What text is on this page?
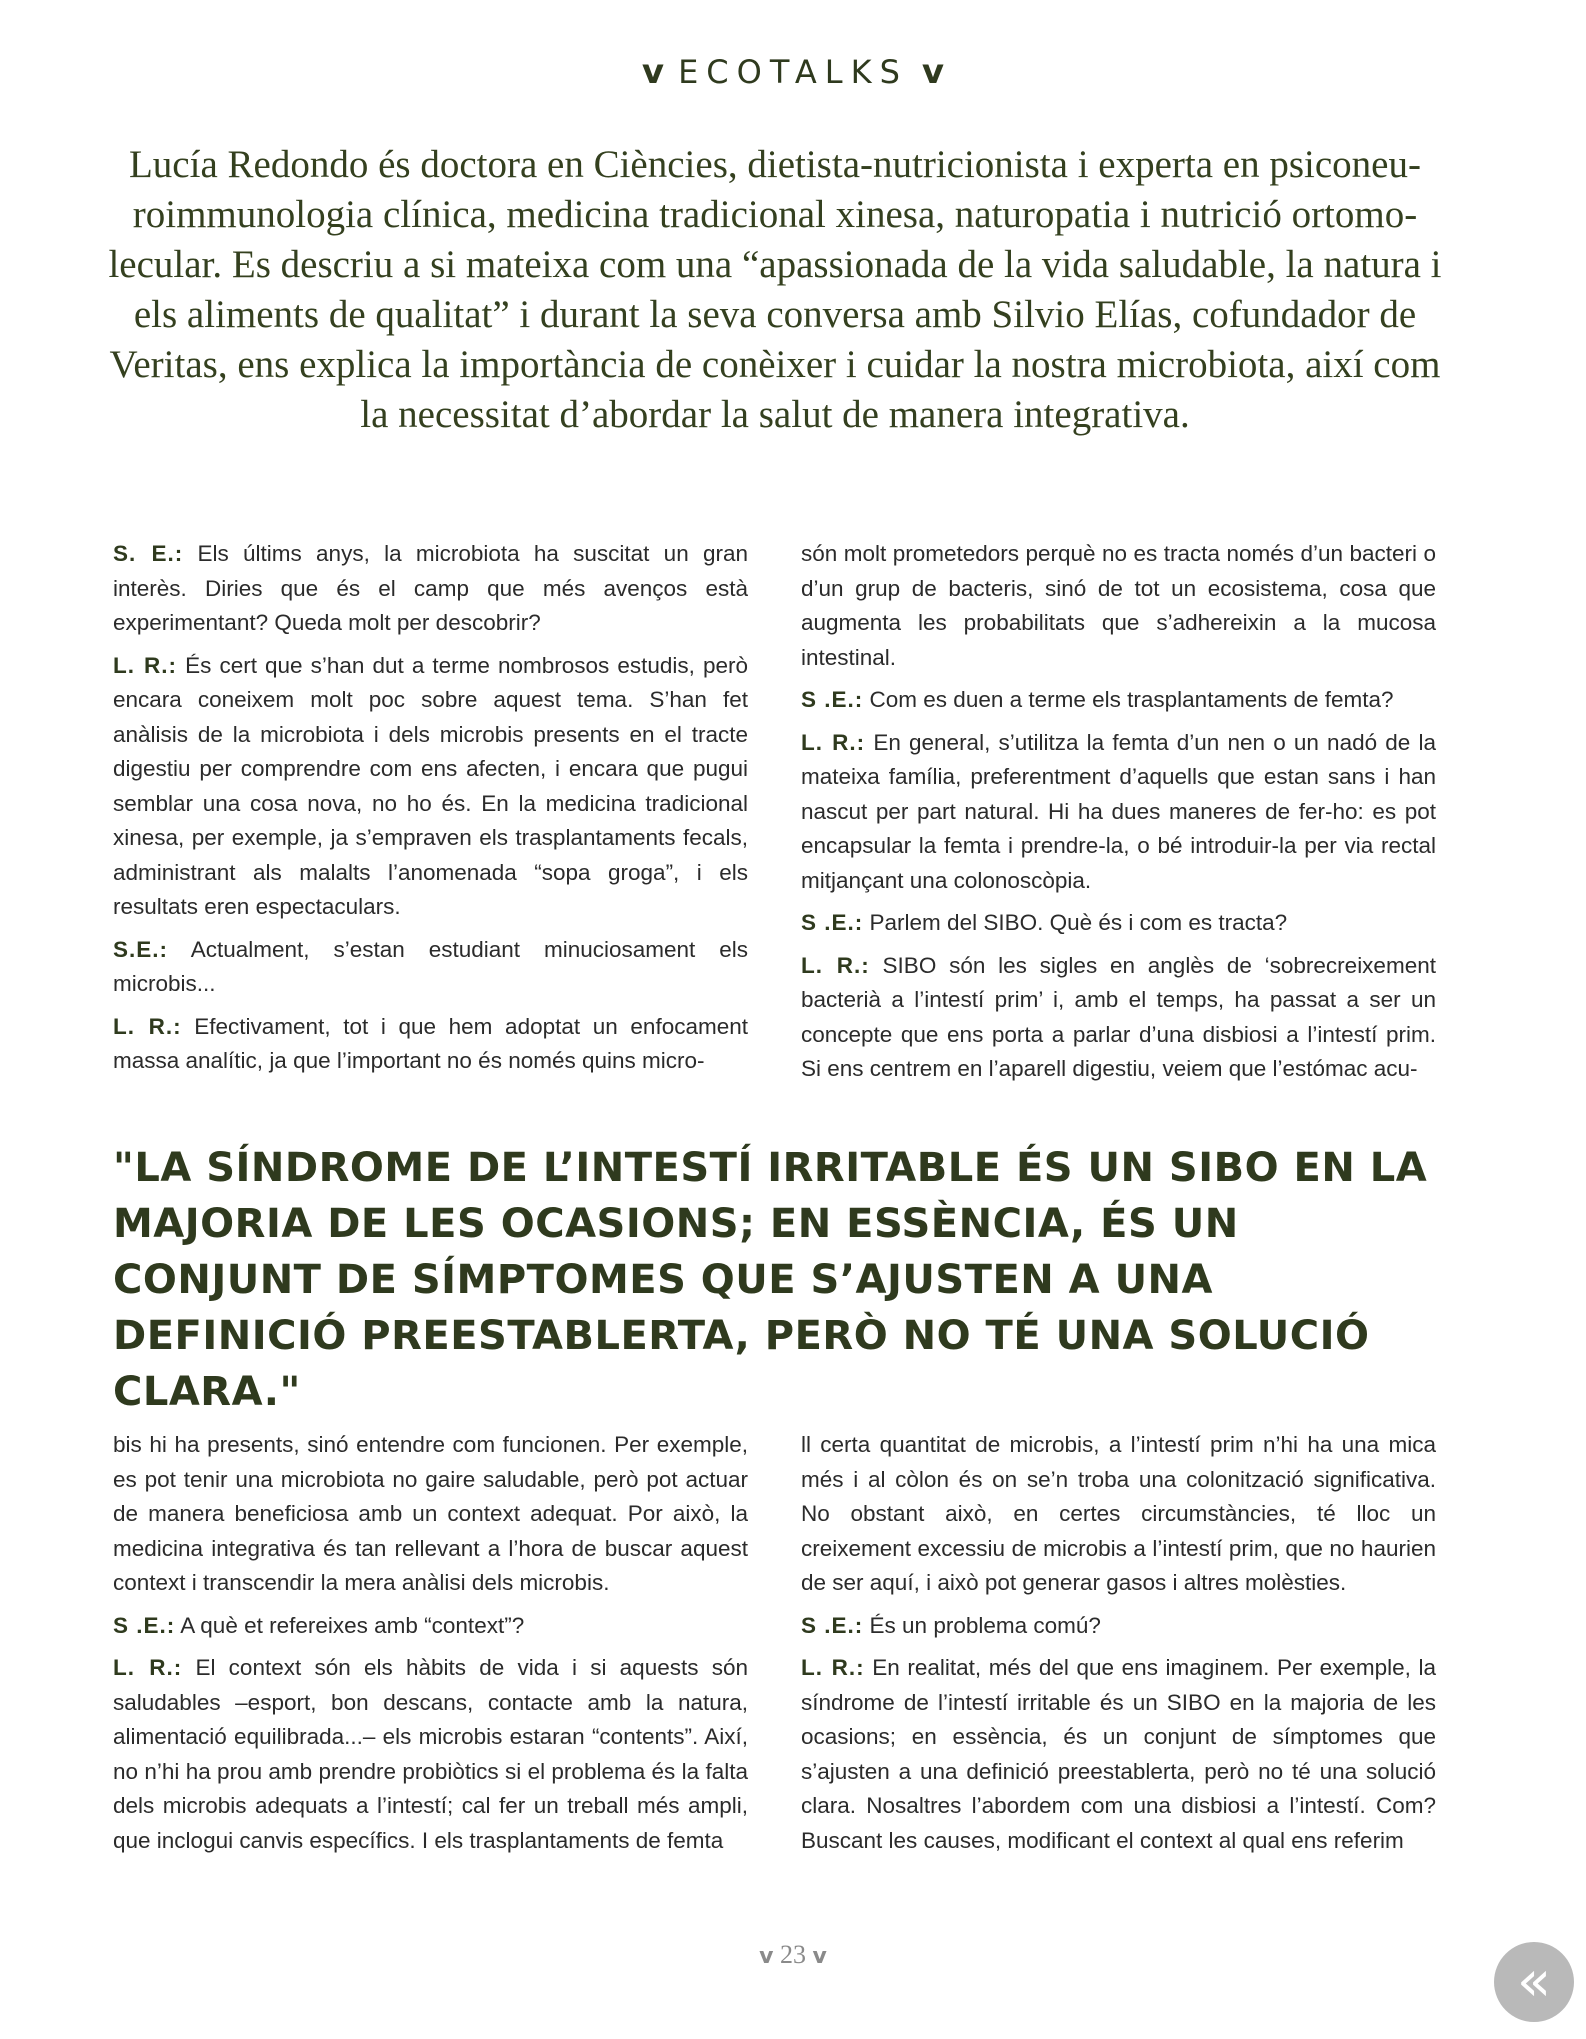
v ECOTALKS v
Lucía Redondo és doctora en Ciències, dietista-nutricionista i experta en psiconeuroimmunologia clínica, medicina tradicional xinesa, naturopatia i nutrició ortomolecular. Es descriu a si mateixa com una “apassionada de la vida saludable, la natura i els aliments de qualitat” i durant la seva conversa amb Silvio Elías, cofundador de Veritas, ens explica la importància de conèixer i cuidar la nostra microbiota, així com la necessitat d’abordar la salut de manera integrativa.

S. E.: Els últims anys, la microbiota ha suscitat un gran interès. Diries que és el camp que més avenços està experimentant? Queda molt per descobrir?

L. R.: És cert que s’han dut a terme nombrosos estudis, però encara coneixem molt poc sobre aquest tema. S’han fet anàlisis de la microbiota i dels microbis presents en el tracte digestiu per comprendre com ens afecten, i encara que pugui semblar una cosa nova, no ho és. En la medicina tradicional xinesa, per exemple, ja s’empraven els trasplantaments fecals, administrant als malalts l’anomenada “sopa groga”, i els resultats eren espectaculars.

S.E.: Actualment, s’estan estudiant minuciosament els microbis...

L. R.: Efectivament, tot i que hem adoptat un enfocament massa analític, ja que l’important no és només quins micro-

són molt prometedors perquè no es tracta només d’un bacteri o d’un grup de bacteris, sinó de tot un ecosistema, cosa que augmenta les probabilitats que s’adhereixin a la mucosa intestinal.

S .E.: Com es duen a terme els trasplantaments de femta?

L. R.: En general, s’utilitza la femta d’un nen o un nadó de la mateixa família, preferentment d’aquells que estan sans i han nascut per part natural. Hi ha dues maneres de fer-ho: es pot encapsular la femta i prendre-la, o bé introduir-la per via rectal mitjançant una colonoscòpia.

S .E.: Parlem del SIBO. Què és i com es tracta?

L. R.: SIBO són les sigles en anglès de ‘sobrecreixement bacterià a l’intestí prim’ i, amb el temps, ha passat a ser un concepte que ens porta a parlar d’una disbiosi a l’intestí prim. Si ens centrem en l’aparell digestiu, veiem que l’estómac acu-

"LA SÍNDROME DE L’INTESTÍ IRRITABLE ÉS UN SIBO EN LA MAJORIA DE LES OCASIONS; EN ESSÈNCIA, ÉS UN CONJUNT DE SÍMPTOMES QUE S’AJUSTEN A UNA DEFINICIÓ PREESTABLERTA, PERÒ NO TÉ UNA SOLUCIÓ CLARA."

bis hi ha presents, sinó entendre com funcionen. Per exemple, es pot tenir una microbiota no gaire saludable, però pot actuar de manera beneficiosa amb un context adequat. Por això, la medicina integrativa és tan rellevant a l’hora de buscar aquest context i transcendir la mera anàlisi dels microbis.

S .E.: A què et refereixes amb “context”?

L. R.: El context són els hàbits de vida i si aquests són saludables –esport, bon descans, contacte amb la natura, alimentació equilibrada...– els microbis estaran “contents”. Així, no n’hi ha prou amb prendre probiòtics si el problema és la falta dels microbis adequats a l’intestí; cal fer un treball més ampli, que inclogui canvis específics. I els trasplantaments de femta

ll certa quantitat de microbis, a l’intestí prim n’hi ha una mica més i al còlon és on se’n troba una colonització significativa. No obstant això, en certes circumstàncies, té lloc un creixement excessiu de microbis a l’intestí prim, que no haurien de ser aquí, i això pot generar gasos i altres molèsties.

S .E.: És un problema comú?

L. R.: En realitat, més del que ens imaginem. Per exemple, la síndrome de l’intestí irritable és un SIBO en la majoria de les ocasions; en essència, és un conjunt de símptomes que s’ajusten a una definició preestablerta, però no té una solució clara. Nosaltres l’abordem com una disbiosi a l’intestí. Com? Buscant les causes, modificant el context al qual ens referim

v 23 v	«
